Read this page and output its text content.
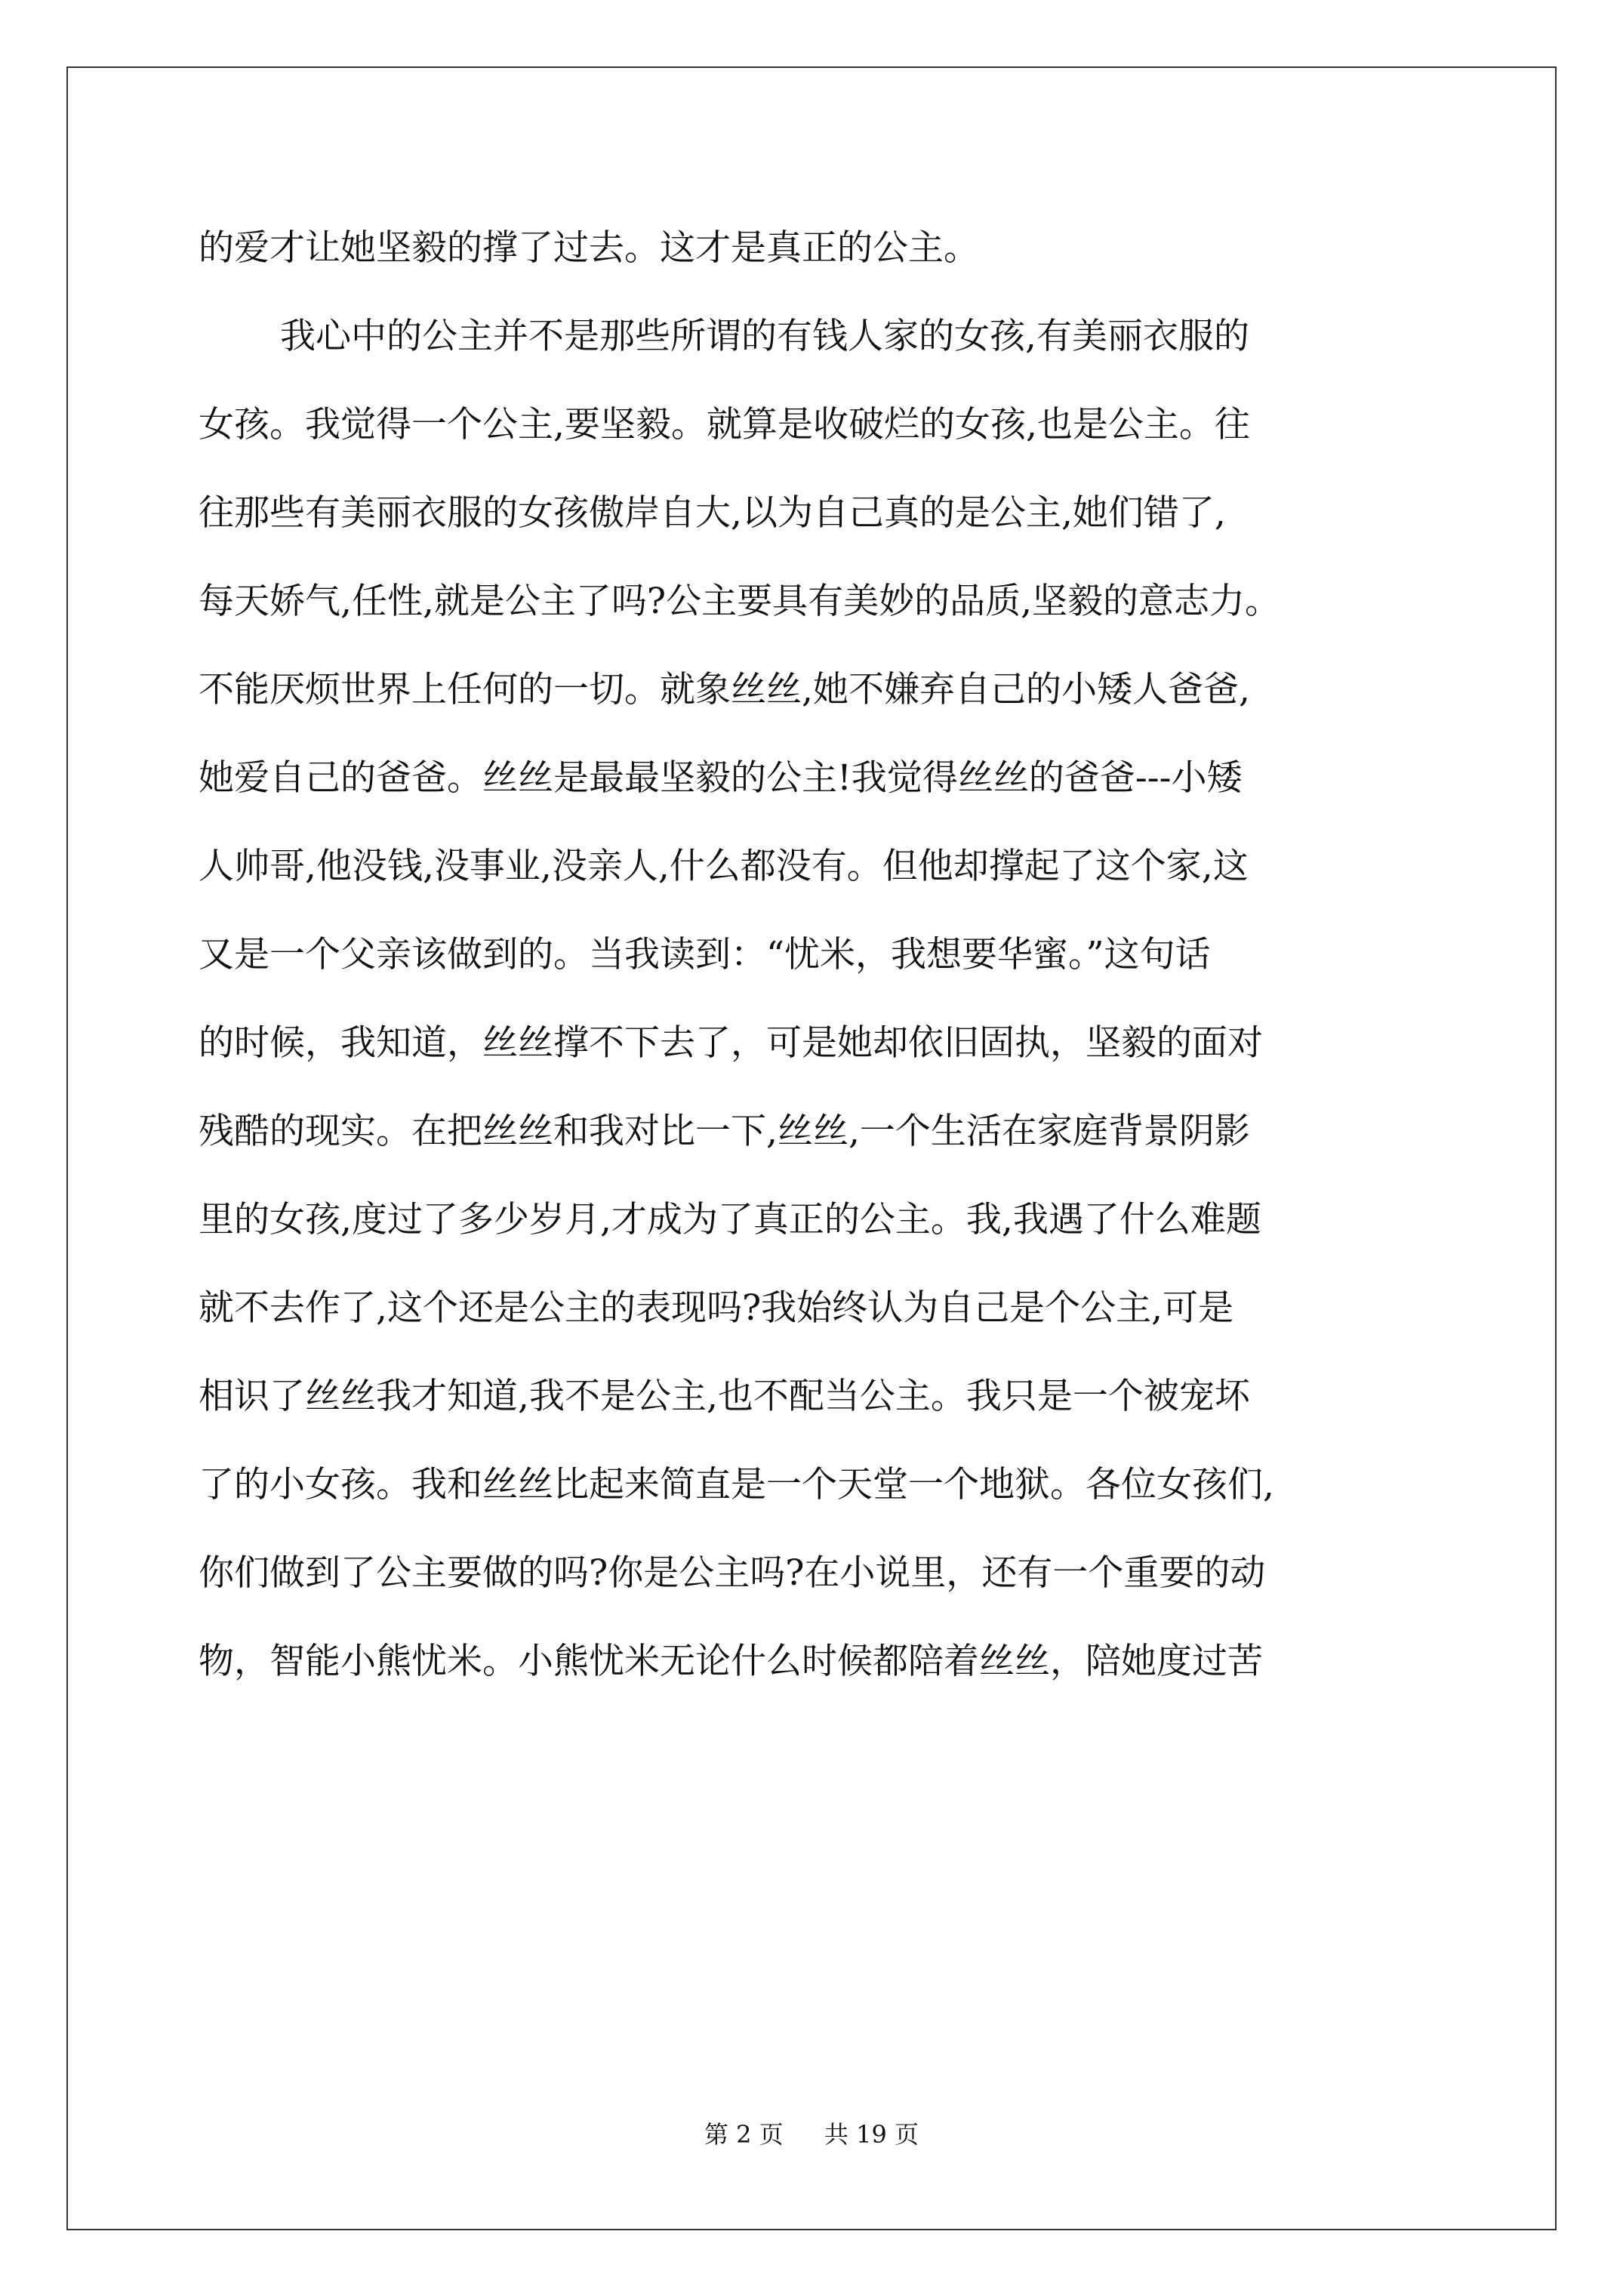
的爱才让她坚毅的撑了过去。这才是真正的公主。
我心中的公主并不是那些所谓的有钱人家的女孩,有美丽衣服的
女孩。我觉得一个公主,要坚毅。就算是收破烂的女孩,也是公主。往
往那些有美丽衣服的女孩傲岸自大,以为自己真的是公主,她们错了,
每天娇气,任性,就是公主了吗?公主要具有美妙的品质,坚毅的意志力。
不能厌烦世界上任何的一切。就象丝丝,她不嫌弃自己的小矮人爸爸,
她爱自己的爸爸。丝丝是最最坚毅的公主!我觉得丝丝的爸爸---小矮
人帅哥,他没钱,没事业,没亲人,什么都没有。但他却撑起了这个家,这
又是一个父亲该做到的。当我读到：“忧米，我想要华蜜。”这句话
的时候，我知道，丝丝撑不下去了，可是她却依旧固执，坚毅的面对
残酷的现实。在把丝丝和我对比一下,丝丝,一个生活在家庭背景阴影
里的女孩,度过了多少岁月,才成为了真正的公主。我,我遇了什么难题
就不去作了,这个还是公主的表现吗?我始终认为自己是个公主,可是
相识了丝丝我才知道,我不是公主,也不配当公主。我只是一个被宠坏
了的小女孩。我和丝丝比起来简直是一个天堂一个地狱。各位女孩们,
你们做到了公主要做的吗?你是公主吗?在小说里，还有一个重要的动
物，智能小熊忧米。小熊忧米无论什么时候都陪着丝丝，陪她度过苦
第 2 页 共 19 页
